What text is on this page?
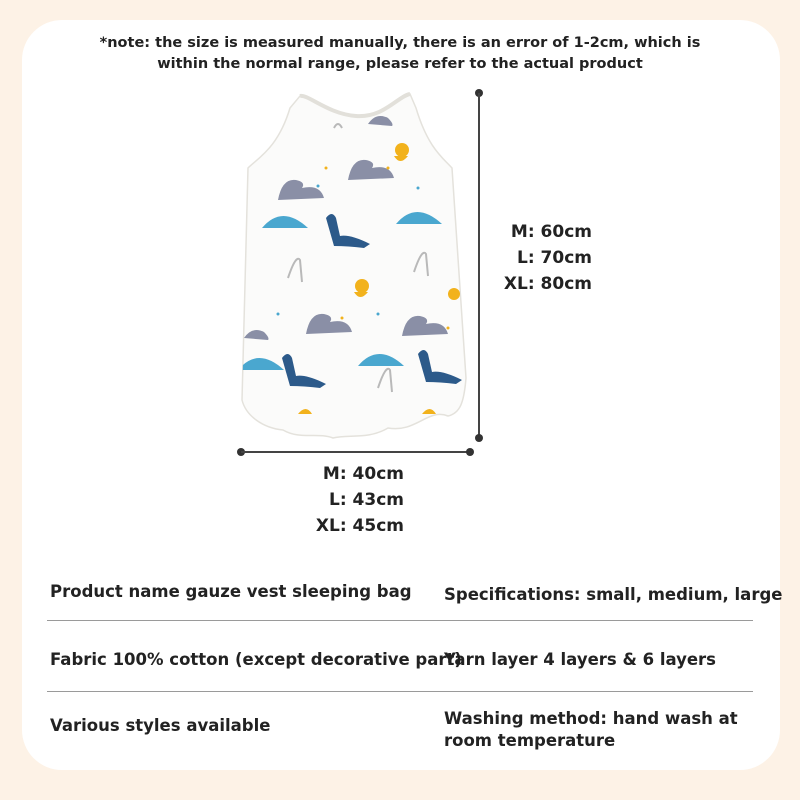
*note: the size is measured manually, there is an error of 1-2cm, which is
within the normal range, please refer to the actual product
M: 60cm
L: 70cm
XL: 80cm
M: 40cm
L: 43cm
XL: 45cm
Product name gauze vest sleeping bag Specifications: small, medium, large
Fabric 100% cotton (except decorative part)
Yarn layer 4 layers & 6 layers
Various styles available	Washing method: hand wash at
room temperature
